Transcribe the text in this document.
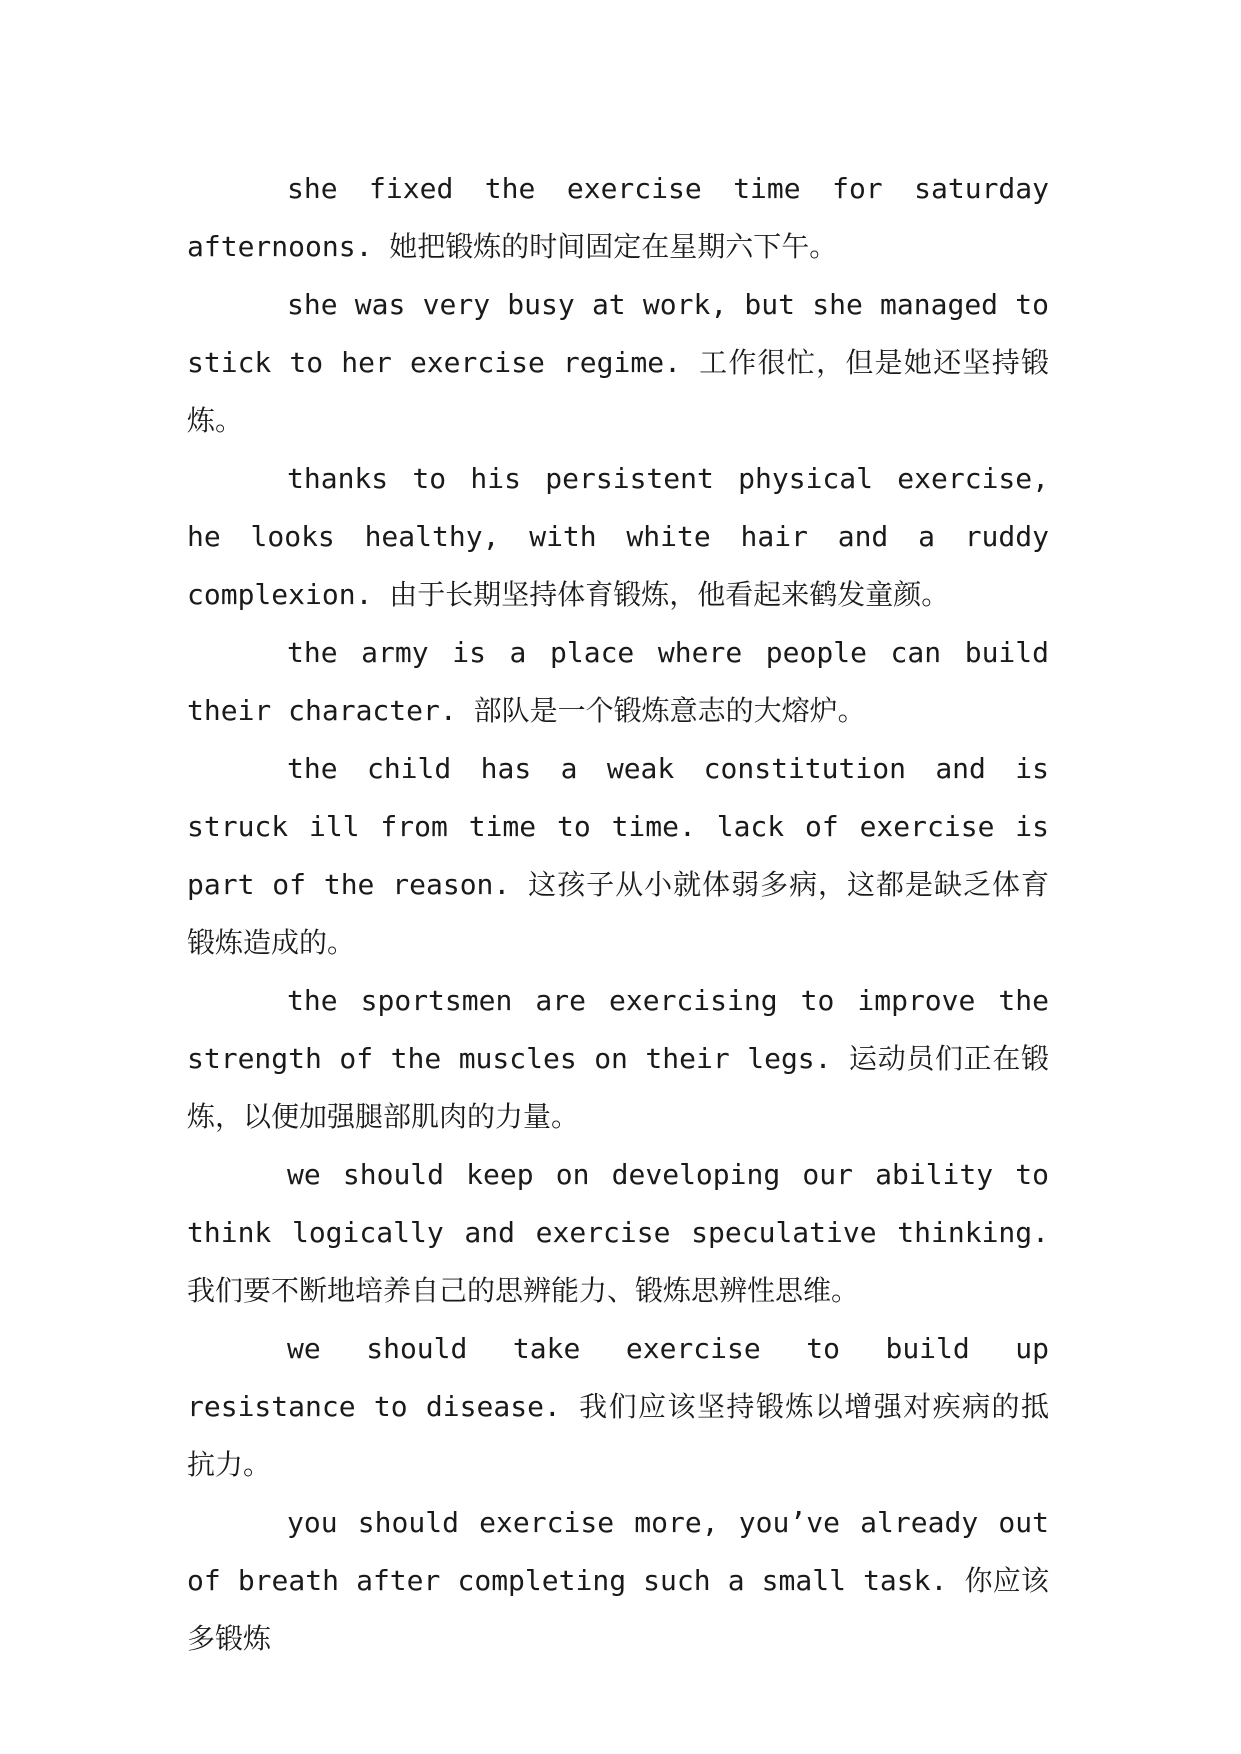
she fixed the exercise time for saturday afternoons. 她把锻炼的时间固定在星期六下午。

she was very busy at work, but she managed to stick to her exercise regime. 工作很忙，但是她还坚持锻炼。

thanks to his persistent physical exercise, he looks healthy, with white hair and a ruddy complexion. 由于长期坚持体育锻炼，他看起来鹤发童颜。

the army is a place where people can build their character. 部队是一个锻炼意志的大熔炉。

the child has a weak constitution and is struck ill from time to time. lack of exercise is part of the reason. 这孩子从小就体弱多病，这都是缺乏体育锻炼造成的。

the sportsmen are exercising to improve the strength of the muscles on their legs. 运动员们正在锻炼，以便加强腿部肌肉的力量。

we should keep on developing our ability to think logically and exercise speculative thinking. 我们要不断地培养自己的思辨能力、锻炼思辨性思维。

we should take exercise to build up resistance to disease. 我们应该坚持锻炼以增强对疾病的抵抗力。

you should exercise more, you’ve already out of breath after completing such a small task. 你应该多锻炼
